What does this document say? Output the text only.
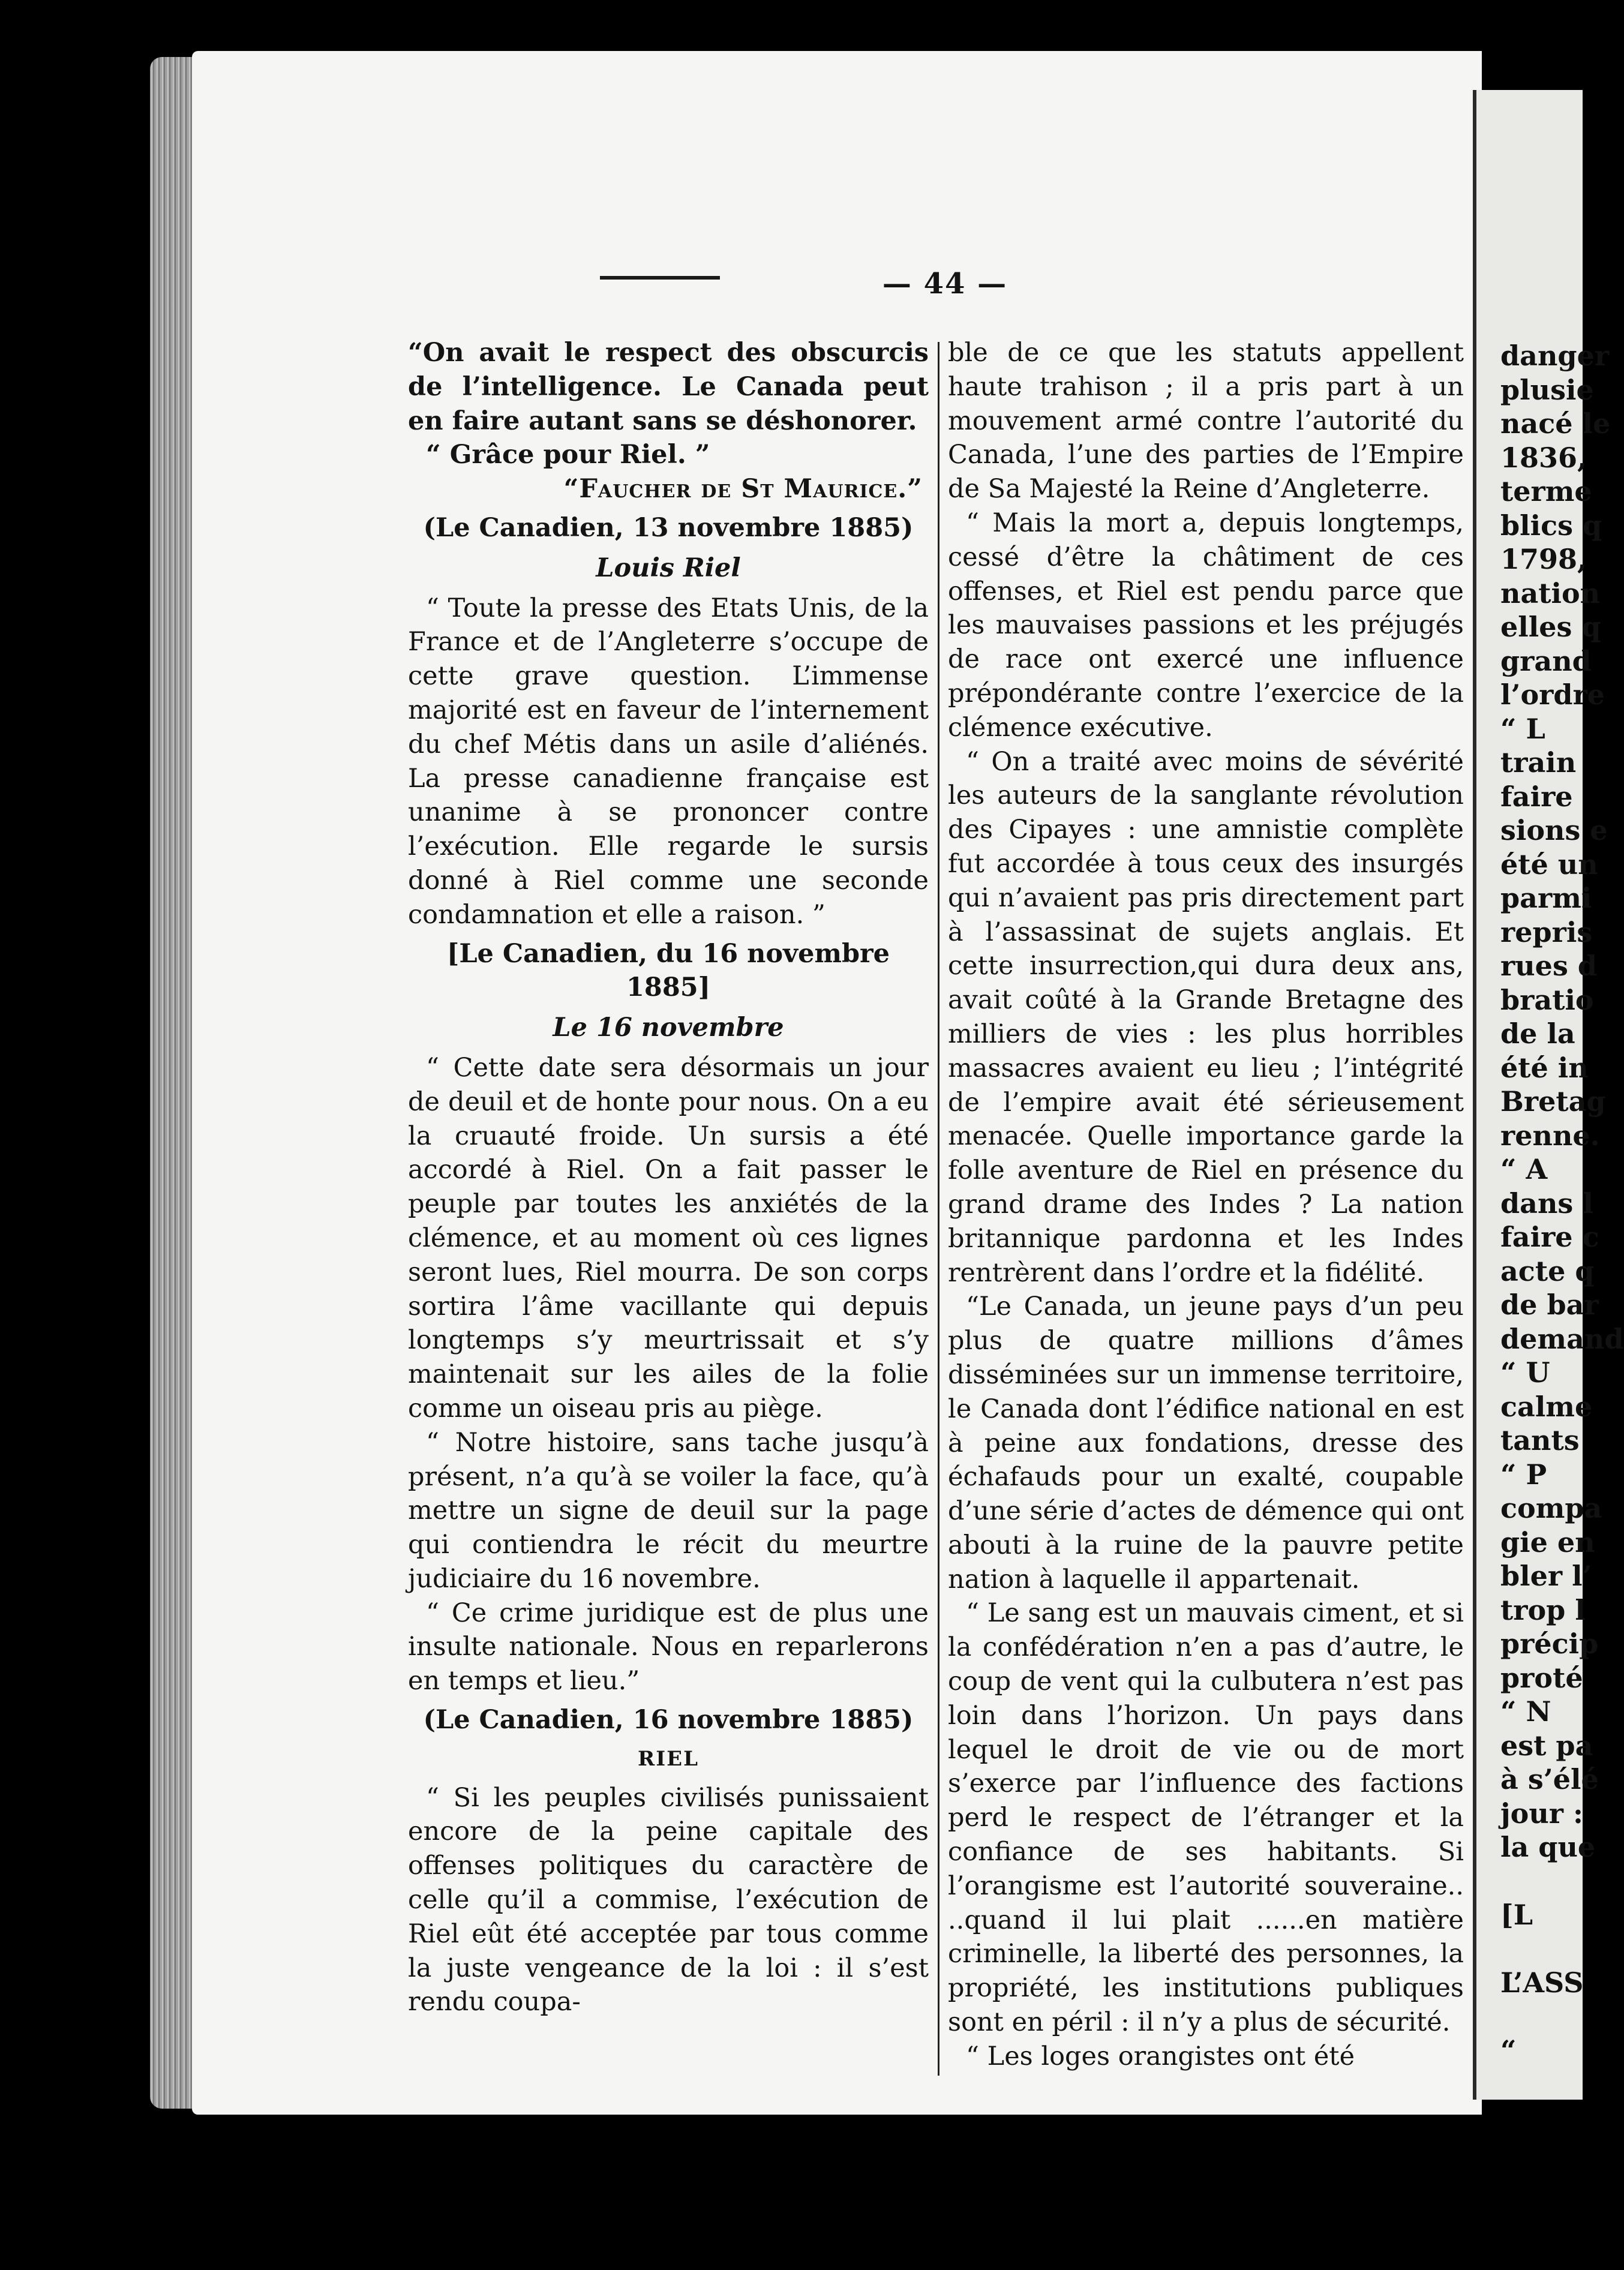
danger
plusie
nacé le
1836,
terme
blics q
1798,
nation
elles q
grand
l’ordre
“ L
train
faire
sions e
été un
parmi
repris
rues d
bratio
de la
été in
Bretag
renne.
“ A
dans l
faire c
acte q
de bar
demand
“ U
calme
tants
“ P
compa
gie en
bler l’
trop l
précip
proté
“ N
est pa
à s’élé
jour :
la que

[L

L’ASS

“
— 44 —

“On avait le respect des obscurcis de l’intelligence. Le Canada peut en faire autant sans se déshonorer.

“ Grâce pour Riel. ”

“Faucher de St Maurice.”

(Le Canadien, 13 novembre 1885)

Louis Riel

“ Toute la presse des Etats Unis, de la France et de l’Angleterre s’occupe de cette grave question. L’immense majorité est en faveur de l’internement du chef Métis dans un asile d’aliénés. La presse canadienne française est unanime à se prononcer contre l’exécution. Elle regarde le sursis donné à Riel comme une seconde condamnation et elle a raison. ”

[Le Canadien, du 16 novembre 1885]

Le 16 novembre

“ Cette date sera désormais un jour de deuil et de honte pour nous. On a eu la cruauté froide. Un sursis a été accordé à Riel. On a fait passer le peuple par toutes les anxiétés de la clémence, et au moment où ces lignes seront lues, Riel mourra. De son corps sortira l’âme vacillante qui depuis longtemps s’y meurtrissait et s’y maintenait sur les ailes de la folie comme un oiseau pris au piège.

“ Notre histoire, sans tache jusqu’à présent, n’a qu’à se voiler la face, qu’à mettre un signe de deuil sur la page qui contiendra le récit du meurtre judiciaire du 16 novembre.

“ Ce crime juridique est de plus une insulte nationale. Nous en reparlerons en temps et lieu.”

(Le Canadien, 16 novembre 1885)

RIEL

“ Si les peuples civilisés punissaient encore de la peine capitale des offenses politiques du caractère de celle qu’il a commise, l’exécution de Riel eût été acceptée par tous comme la juste vengeance de la loi : il s’est rendu coupa-

ble de ce que les statuts appellent haute trahison ; il a pris part à un mouvement armé contre l’autorité du Canada, l’une des parties de l’Empire de Sa Majesté la Reine d’Angleterre.

“ Mais la mort a, depuis longtemps, cessé d’être la châtiment de ces offenses, et Riel est pendu parce que les mauvaises passions et les préjugés de race ont exercé une influence prépondérante contre l’exercice de la clémence exécutive.

“ On a traité avec moins de sévérité les auteurs de la sanglante révolution des Cipayes : une amnistie complète fut accordée à tous ceux des insurgés qui n’avaient pas pris directement part à l’assassinat de sujets anglais. Et cette insurrection,qui dura deux ans, avait coûté à la Grande Bretagne des milliers de vies : les plus horribles massacres avaient eu lieu ; l’intégrité de l’empire avait été sérieusement menacée. Quelle importance garde la folle aventure de Riel en présence du grand drame des Indes ? La nation britannique pardonna et les Indes rentrèrent dans l’ordre et la fidélité.

“Le Canada, un jeune pays d’un peu plus de quatre millions d’âmes disséminées sur un immense territoire, le Canada dont l’édifice national en est à peine aux fondations, dresse des échafauds pour un exalté, coupable d’une série d’actes de démence qui ont abouti à la ruine de la pauvre petite nation à laquelle il appartenait.

“ Le sang est un mauvais ciment, et si la confédération n’en a pas d’autre, le coup de vent qui la culbutera n’est pas loin dans l’horizon. Un pays dans lequel le droit de vie ou de mort s’exerce par l’influence des factions perd le respect de l’étranger et la confiance de ses habitants. Si l’orangisme est l’autorité souveraine.. ..quand il lui plait ......en matière criminelle, la liberté des personnes, la propriété, les institutions publiques sont en péril : il n’y a plus de sécurité.

“ Les loges orangistes ont été
